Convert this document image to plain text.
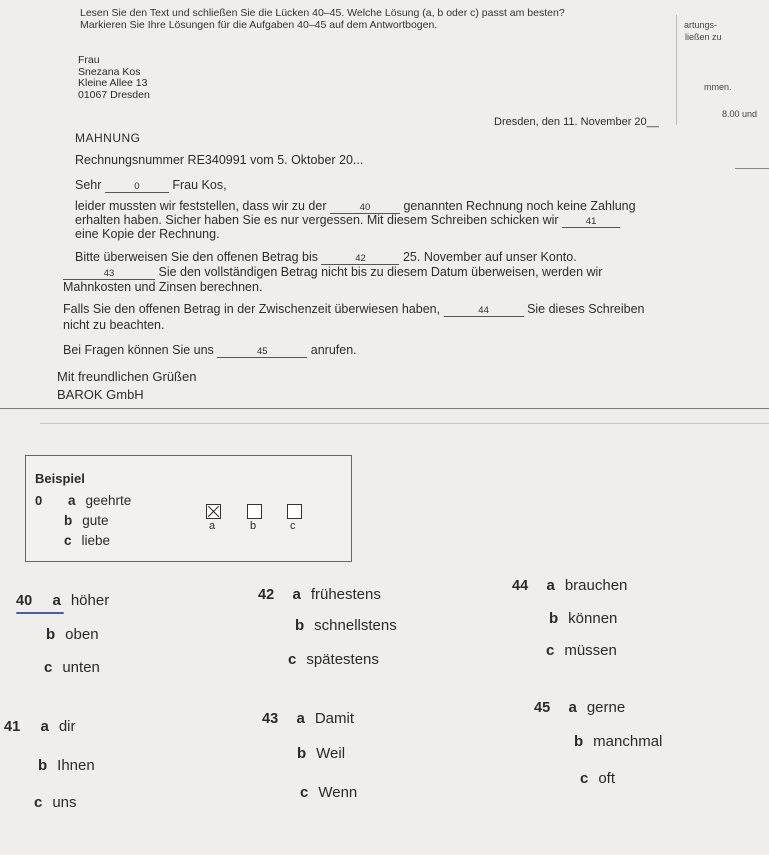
Lesen Sie den Text und schließen Sie die Lücken 40–45. Welche Lösung (a, b oder c) passt am besten?
Markieren Sie Ihre Lösungen für die Aufgaben 40–45 auf dem Antwortbogen.	artungs-
ließen zu
mmen.
8.00 und
Frau
Snezana Kos
Kleine Allee 13
01067 Dresden
Dresden, den 11. November 20__
MAHNUNG
Rechnungsnummer RE340991 vom 5. Oktober 20...
Sehr	0	Frau Kos,
leider mussten wir feststellen, dass wir zu der	40	genannten Rechnung noch keine Zahlung
erhalten haben. Sicher haben Sie es nur vergessen. Mit diesem Schreiben schicken wir	41
eine Kopie der Rechnung.
Bitte überweisen Sie den offenen Betrag bis	42	25. November auf unser Konto.
43	Sie den vollständigen Betrag nicht bis zu diesem Datum überweisen, werden wir
Mahnkosten und Zinsen berechnen.
Falls Sie den offenen Betrag in der Zwischenzeit überwiesen haben,	44	Sie dieses Schreiben
nicht zu beachten.
Bei Fragen können Sie uns	45	anrufen.
Mit freundlichen Grüßen
BAROK GmbH
Beispiel
0 a geehrte
b gute
c liebe
a	b	c
40 a höher
b oben
c unten
41 a dir
b Ihnen
c uns
42 a frühestens
b schnellstens
c spätestens
43 a Damit
b Weil
c Wenn
44 a brauchen
b können
c müssen
45 a gerne
b manchmal
c oft
